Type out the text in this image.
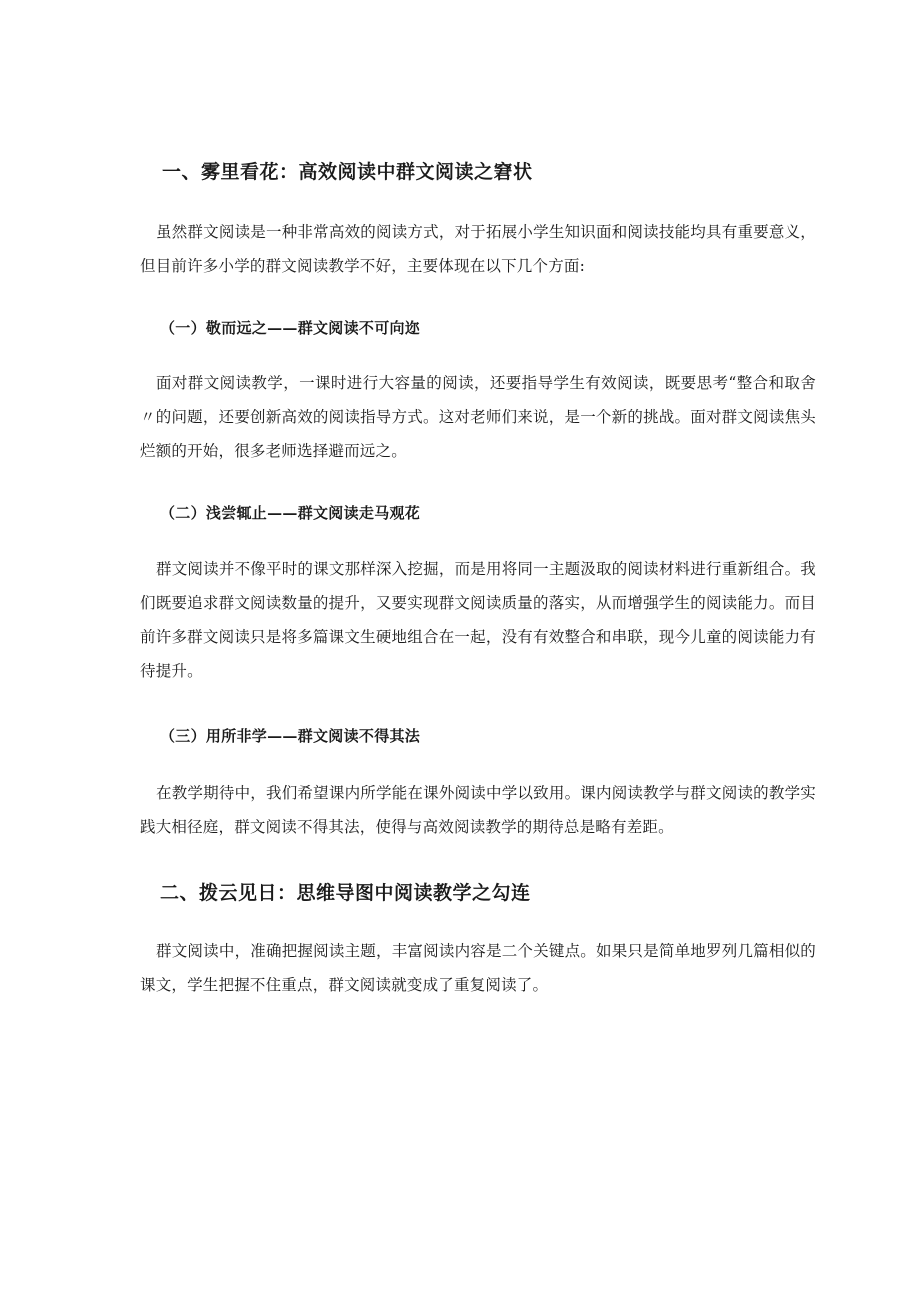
一、雾里看花：高效阅读中群文阅读之窘状

虽然群文阅读是一种非常高效的阅读方式，对于拓展小学生知识面和阅读技能均具有重要意义，但目前许多小学的群文阅读教学不好，主要体现在以下几个方面:

（一）敬而远之——群文阅读不可向迩

面对群文阅读教学，一课时进行大容量的阅读，还要指导学生有效阅读，既要思考“整合和取舍〃的问题，还要创新高效的阅读指导方式。这对老师们来说，是一个新的挑战。面对群文阅读焦头烂额的开始，很多老师选择避而远之。

（二）浅尝辄止——群文阅读走马观花

群文阅读并不像平时的课文那样深入挖掘，而是用将同一主题汲取的阅读材料进行重新组合。我们既要追求群文阅读数量的提升，又要实现群文阅读质量的落实，从而增强学生的阅读能力。而目前许多群文阅读只是将多篇课文生硬地组合在一起，没有有效整合和串联，现今儿童的阅读能力有待提升。

（三）用所非学——群文阅读不得其法

在教学期待中，我们希望课内所学能在课外阅读中学以致用。课内阅读教学与群文阅读的教学实践大相径庭，群文阅读不得其法，使得与高效阅读教学的期待总是略有差距。

二、拨云见日：思维导图中阅读教学之勾连

群文阅读中，准确把握阅读主题，丰富阅读内容是二个关键点。如果只是简单地罗列几篇相似的课文，学生把握不住重点，群文阅读就变成了重复阅读了。
